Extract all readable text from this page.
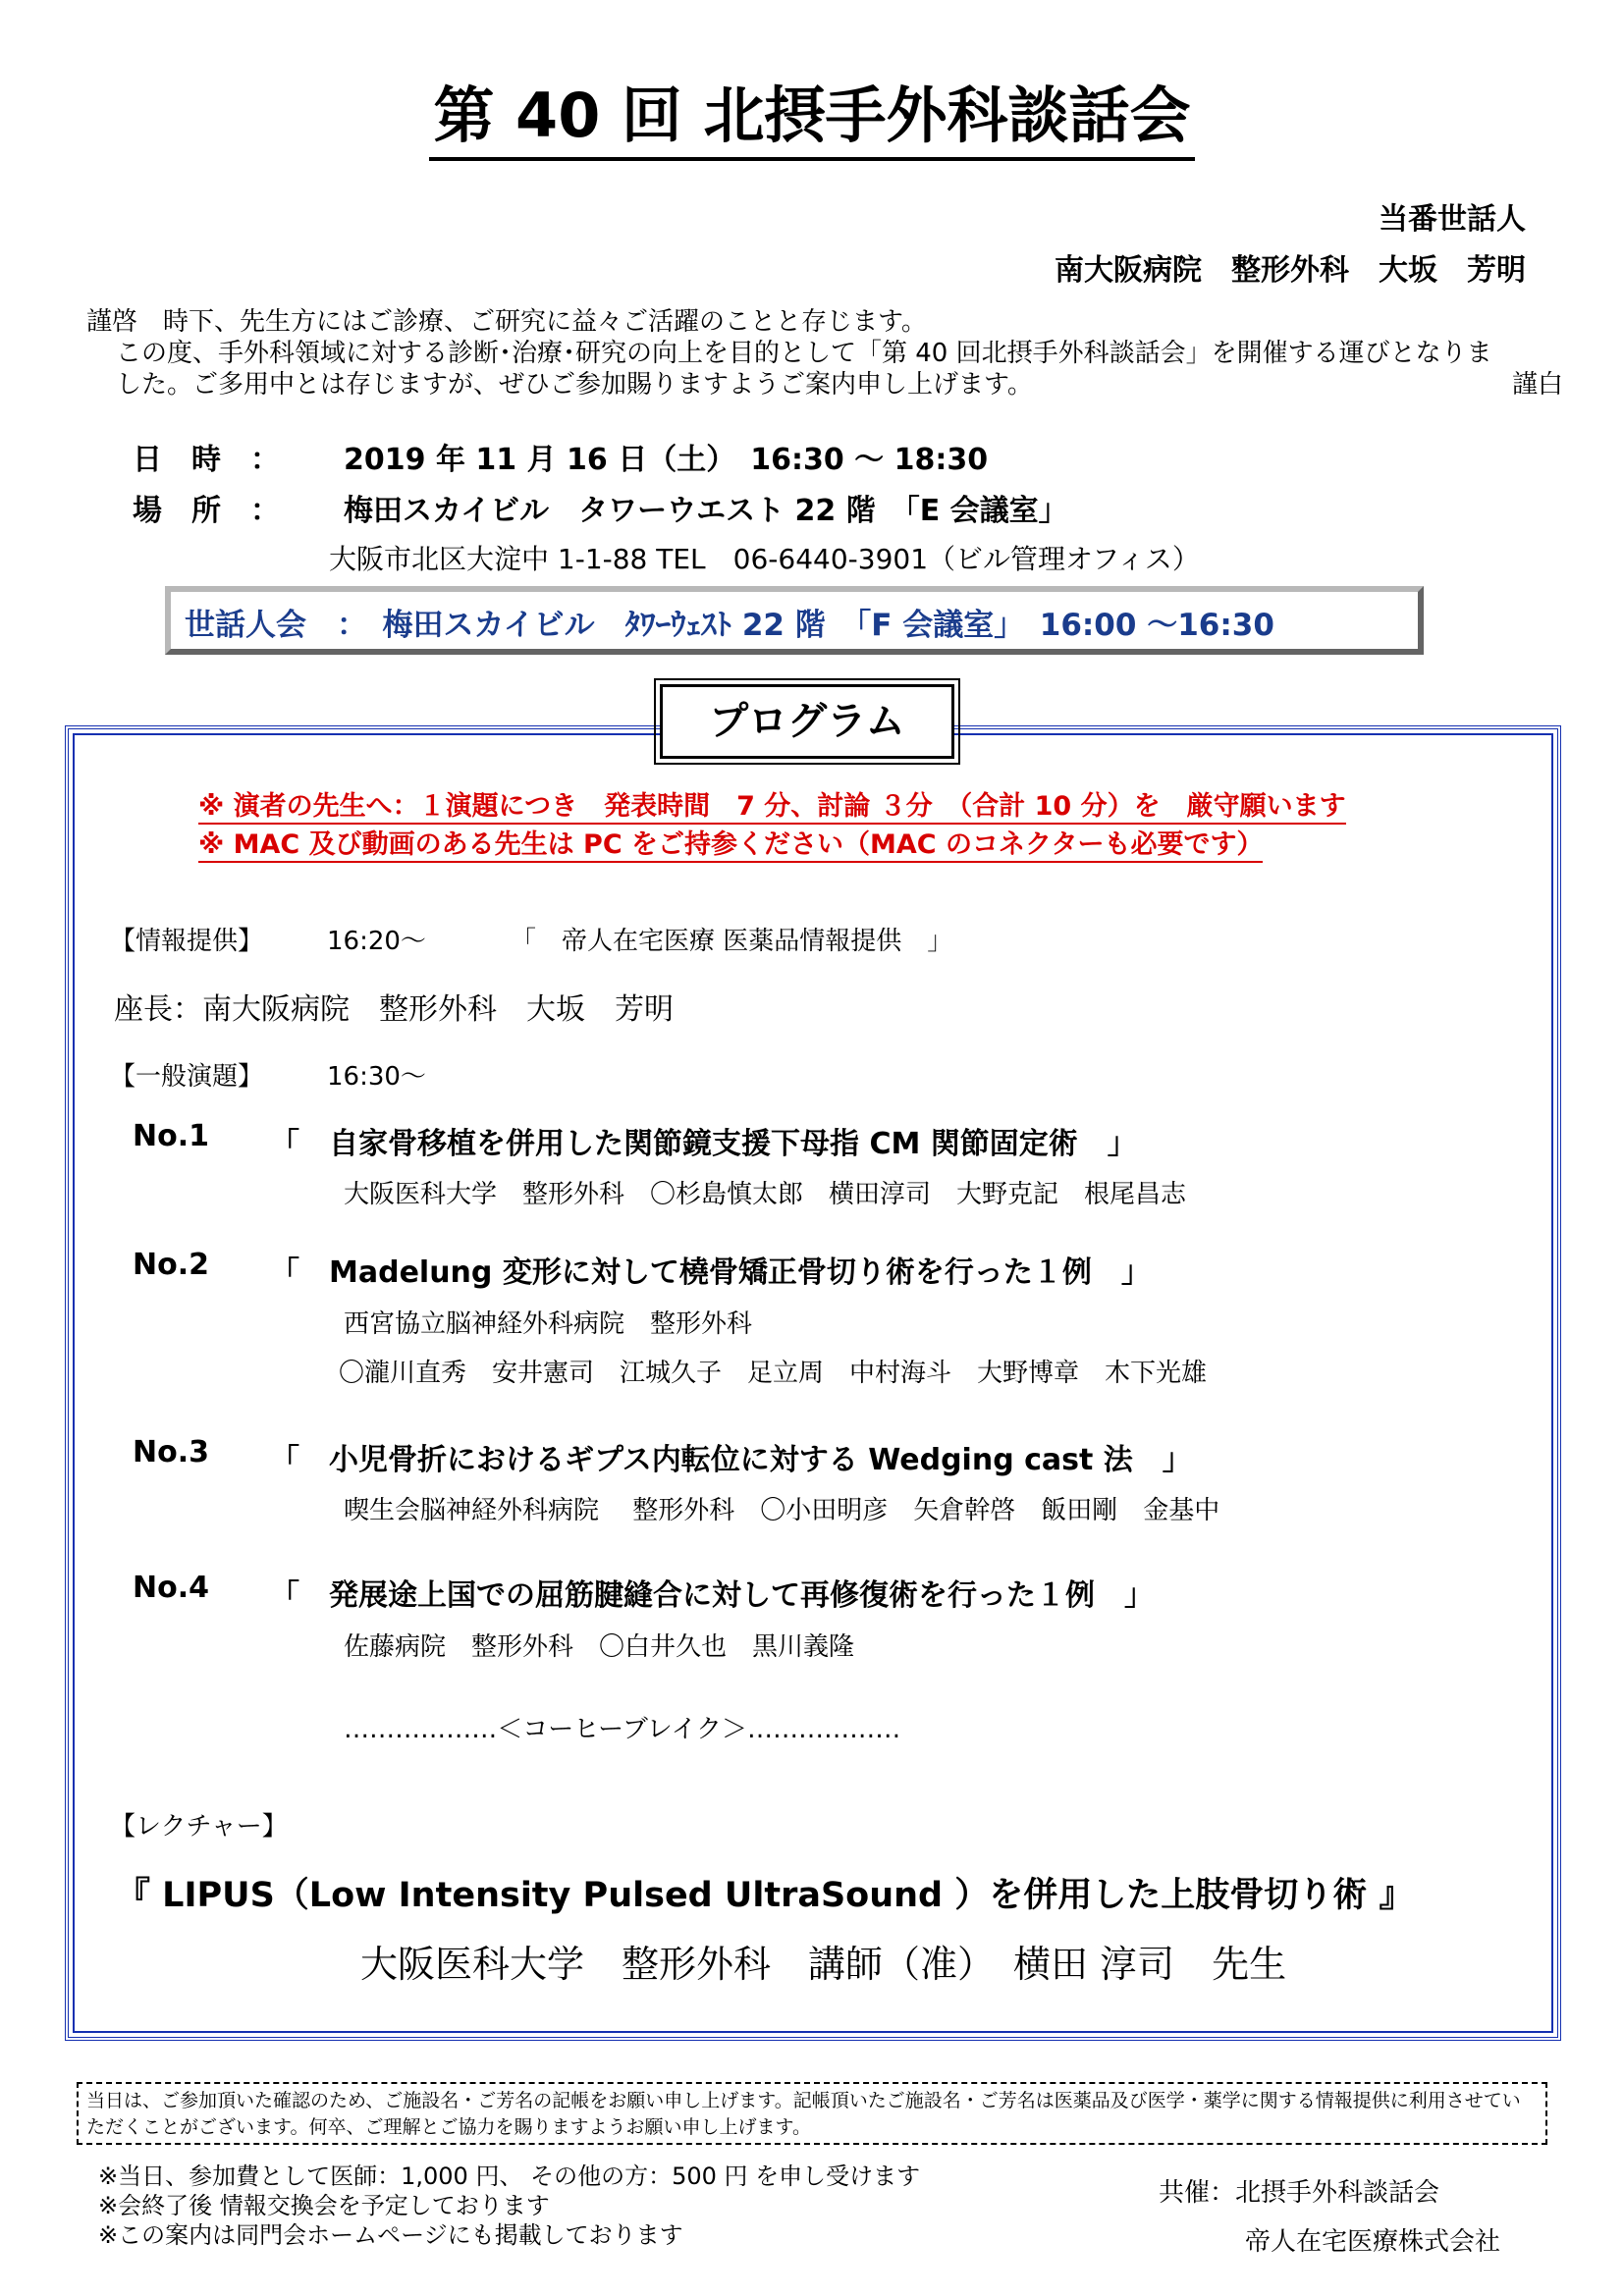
第 40 回 北摂手外科談話会
当番世話人
南大阪病院　整形外科　大坂　芳明
謹啓　時下、先生方にはご診療、ご研究に益々ご活躍のことと存じます。
この度、手外科領域に対する診断･治療･研究の向上を目的として「第 40 回北摂手外科談話会」を開催する運びとなりま
した。ご多用中とは存じますが、ぜひご参加賜りますようご案内申し上げます。	謹白
日　時　： 2019 年 11 月 16 日（土）　16:30 ～ 18:30
場　所　： 梅田スカイビル　タワーウエスト 22 階　「E 会議室」
大阪市北区大淀中 1-1-88 TEL　06-6440-3901（ビル管理オフィス）
世話人会　：　梅田スカイビル　ﾀﾜｰｳｪｽﾄ 22 階　「F 会議室」　16:00 ～16:30
プログラム
※ 演者の先生へ：１演題につき　発表時間　7 分、討論 ３分　（合計 10 分）を　厳守願います
※ MAC 及び動画のある先生は PC をご持参ください（MAC のコネクターも必要です）
【情報提供】 16:20～	「　帝人在宅医療 医薬品情報提供　」
座長：南大阪病院　整形外科　大坂　芳明
【一般演題】 16:30～
No.1 「　自家骨移植を併用した関節鏡支援下母指 CM 関節固定術　」
大阪医科大学　整形外科　〇杉島慎太郎　横田淳司　大野克記　根尾昌志
No.2 「　Madelung 変形に対して橈骨矯正骨切り術を行った１例　」
西宮協立脳神経外科病院　整形外科
〇瀧川直秀　安井憲司　江城久子　足立周　中村海斗　大野博章　木下光雄
No.3 「　小児骨折におけるギプス内転位に対する Wedging cast 法　」
喫生会脳神経外科病院　 整形外科　〇小田明彦　矢倉幹啓　飯田剛　金基中
No.4 「　発展途上国での屈筋腱縫合に対して再修復術を行った１例　」
佐藤病院　整形外科　〇白井久也　黒川義隆
‥‥‥‥‥‥‥‥‥＜コーヒーブレイク＞‥‥‥‥‥‥‥‥‥
【レクチャー】
『 LIPUS（Low Intensity Pulsed UltraSound ）を併用した上肢骨切り術 』
大阪医科大学　整形外科　講師（准）　横田 淳司　先生
当日は、ご参加頂いた確認のため、ご施設名・ご芳名の記帳をお願い申し上げます。記帳頂いたご施設名・ご芳名は医薬品及び医学・薬学に関する情報提供に利用させていただくことがございます。何卒、ご理解とご協力を賜りますようお願い申し上げます。
※当日、参加費として医師：1,000 円、 その他の方：500 円 を申し受けます
※会終了後 情報交換会を予定しております
※この案内は同門会ホームページにも掲載しております
共催：北摂手外科談話会
帝人在宅医療株式会社
